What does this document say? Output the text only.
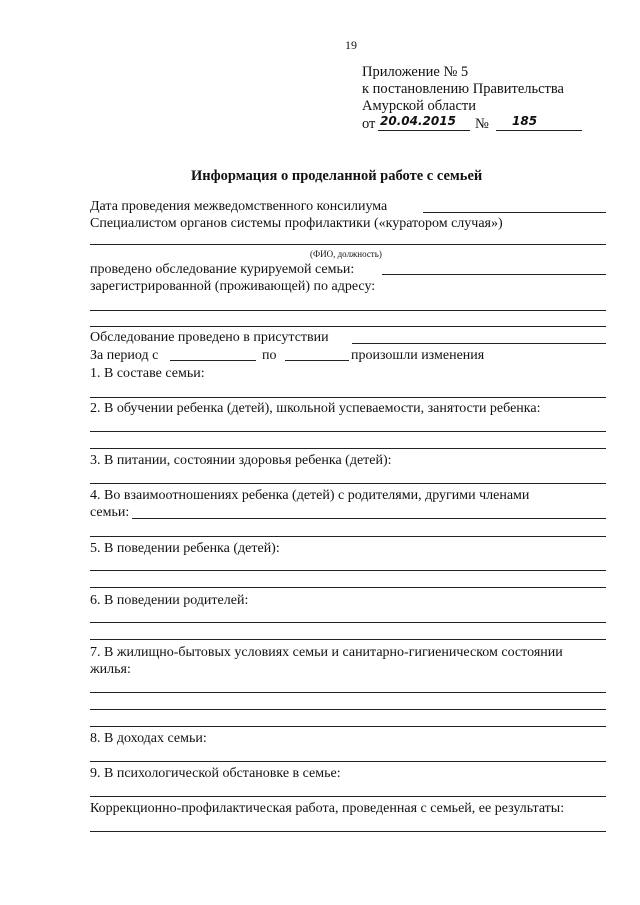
19
Приложение № 5
к постановлению Правительства
Амурской области
от 20.04.2015 № 185
Информация о проделанной работе с семьей
Дата проведения межведомственного консилиума
Специалистом органов системы профилактики («куратором случая»)
(ФИО, должность)
проведено обследование курируемой семьи:
зарегистрированной (проживающей) по адресу:
Обследование проведено в присутствии
За период с	по	произошли изменения
1. В составе семьи:
2. В обучении ребенка (детей), школьной успеваемости, занятости ребенка:
3. В питании, состоянии здоровья ребенка (детей):
4. Во взаимоотношениях ребенка (детей) с родителями, другими членами
семьи:
5. В поведении ребенка (детей):
6. В поведении родителей:
7. В жилищно-бытовых условиях семьи и санитарно-гигиеническом состоянии
жилья:
8. В доходах семьи:
9. В психологической обстановке в семье:
Коррекционно-профилактическая работа, проведенная с семьей, ее результаты:
